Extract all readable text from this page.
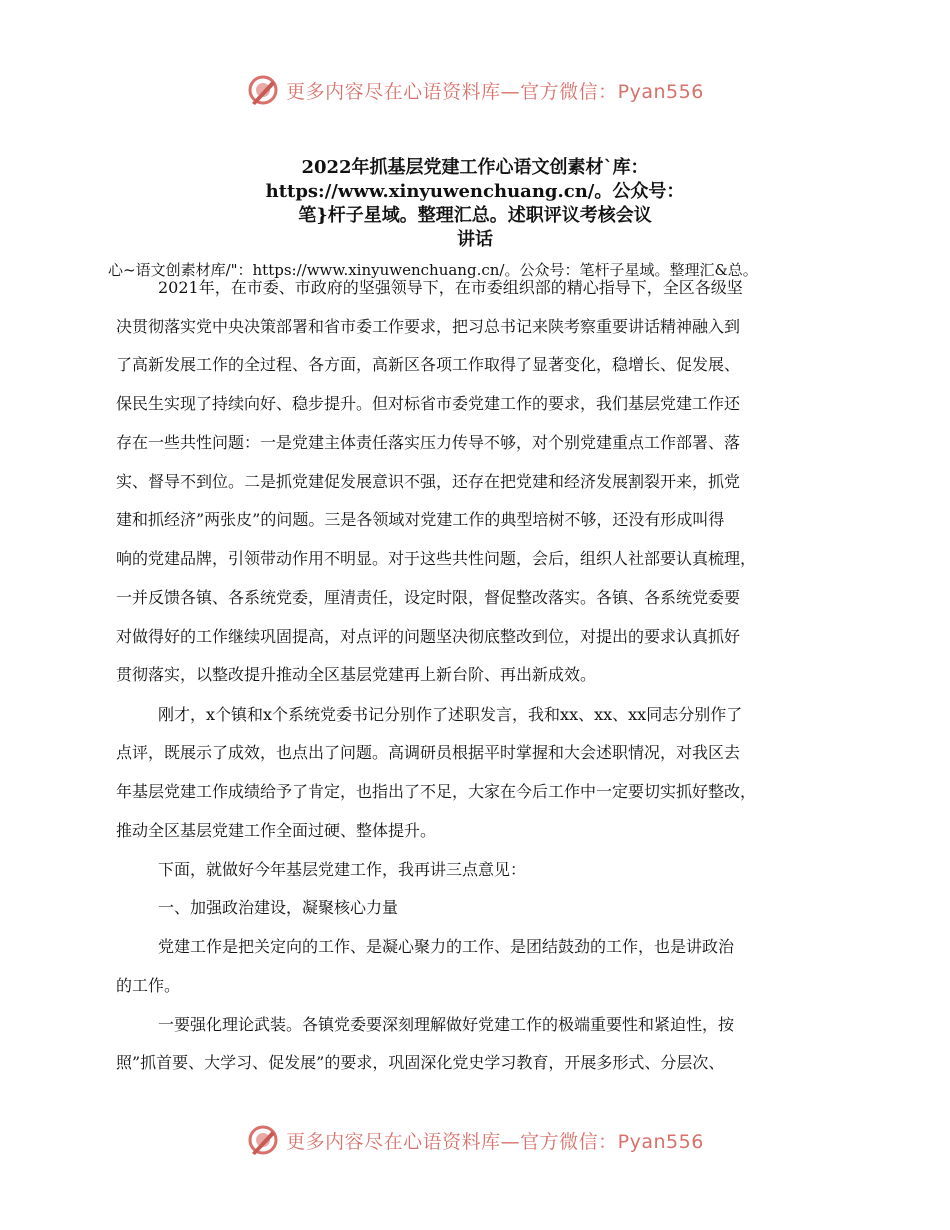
更多内容尽在心语资料库—官方微信：Pyan556
2022年抓基层党建工作心语文创素材`库：
https://www.xinyuwenchuang.cn/。公众号：
笔}杆子星域。整理汇总。述职评议考核会议
讲话
心~语文创素材库/"：https://www.xinyuwenchuang.cn/。公众号：笔杆子星域。整理汇&总。
2021年，在市委、市政府的坚强领导下，在市委组织部的精心指导下，全区各级坚
决贯彻落实党中央决策部署和省市委工作要求，把习总书记来陕考察重要讲话精神融入到
了高新发展工作的全过程、各方面，高新区各项工作取得了显著变化，稳增长、促发展、
保民生实现了持续向好、稳步提升。但对标省市委党建工作的要求，我们基层党建工作还
存在一些共性问题：一是党建主体责任落实压力传导不够，对个别党建重点工作部署、落
实、督导不到位。二是抓党建促发展意识不强，还存在把党建和经济发展割裂开来，抓党
建和抓经济”两张皮”的问题。三是各领域对党建工作的典型培树不够，还没有形成叫得
响的党建品牌，引领带动作用不明显。对于这些共性问题，会后，组织人社部要认真梳理，
一并反馈各镇、各系统党委，厘清责任，设定时限，督促整改落实。各镇、各系统党委要
对做得好的工作继续巩固提高，对点评的问题坚决彻底整改到位，对提出的要求认真抓好
贯彻落实，以整改提升推动全区基层党建再上新台阶、再出新成效。
刚才，x个镇和x个系统党委书记分别作了述职发言，我和xx、xx、xx同志分别作了
点评，既展示了成效，也点出了问题。高调研员根据平时掌握和大会述职情况，对我区去
年基层党建工作成绩给予了肯定，也指出了不足，大家在今后工作中一定要切实抓好整改，
推动全区基层党建工作全面过硬、整体提升。
下面，就做好今年基层党建工作，我再讲三点意见：
一、加强政治建设，凝聚核心力量
党建工作是把关定向的工作、是凝心聚力的工作、是团结鼓劲的工作，也是讲政治
的工作。
一要强化理论武装。各镇党委要深刻理解做好党建工作的极端重要性和紧迫性，按
照”抓首要、大学习、促发展”的要求，巩固深化党史学习教育，开展多形式、分层次、
更多内容尽在心语资料库—官方微信：Pyan556
